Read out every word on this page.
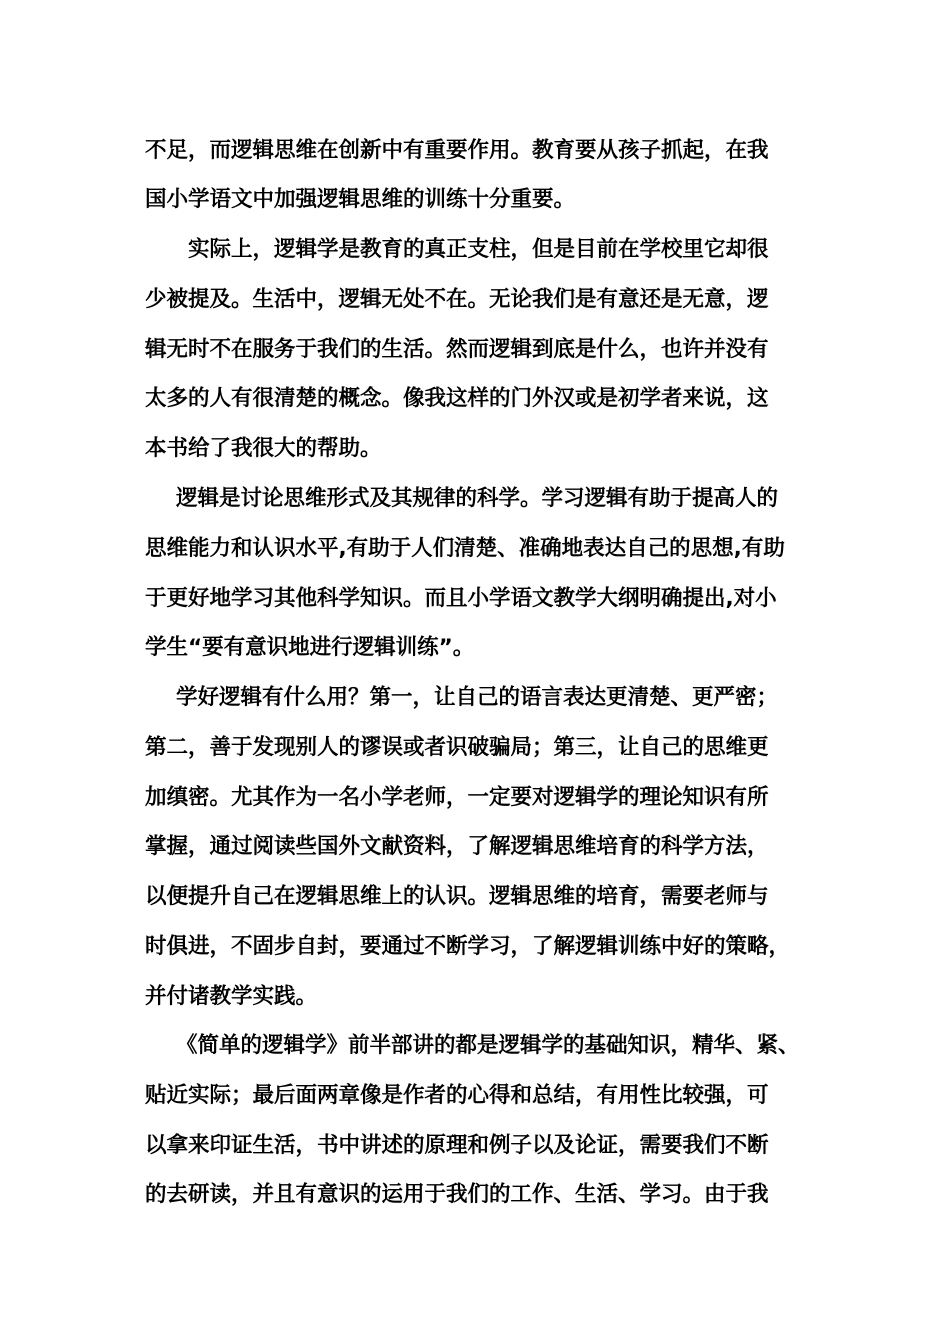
不足，而逻辑思维在创新中有重要作用。教育要从孩子抓起，在我
国小学语文中加强逻辑思维的训练十分重要。
实际上，逻辑学是教育的真正支柱，但是目前在学校里它却很
少被提及。生活中，逻辑无处不在。无论我们是有意还是无意，逻
辑无时不在服务于我们的生活。然而逻辑到底是什么，也许并没有
太多的人有很清楚的概念。像我这样的门外汉或是初学者来说，这
本书给了我很大的帮助。
逻辑是讨论思维形式及其规律的科学。学习逻辑有助于提高人的
思维能力和认识水平,有助于人们清楚、准确地表达自己的思想,有助
于更好地学习其他科学知识。而且小学语文教学大纲明确提出,对小
学生“要有意识地进行逻辑训练”。
学好逻辑有什么用？第一，让自己的语言表达更清楚、更严密；
第二，善于发现别人的谬误或者识破骗局；第三，让自己的思维更
加缜密。尤其作为一名小学老师，一定要对逻辑学的理论知识有所
掌握，通过阅读些国外文献资料，了解逻辑思维培育的科学方法，
以便提升自己在逻辑思维上的认识。逻辑思维的培育，需要老师与
时俱进，不固步自封，要通过不断学习，了解逻辑训练中好的策略，
并付诸教学实践。
《简单的逻辑学》前半部讲的都是逻辑学的基础知识，精华、紧、
贴近实际；最后面两章像是作者的心得和总结，有用性比较强，可
以拿来印证生活，书中讲述的原理和例子以及论证，需要我们不断
的去研读，并且有意识的运用于我们的工作、生活、学习。由于我
